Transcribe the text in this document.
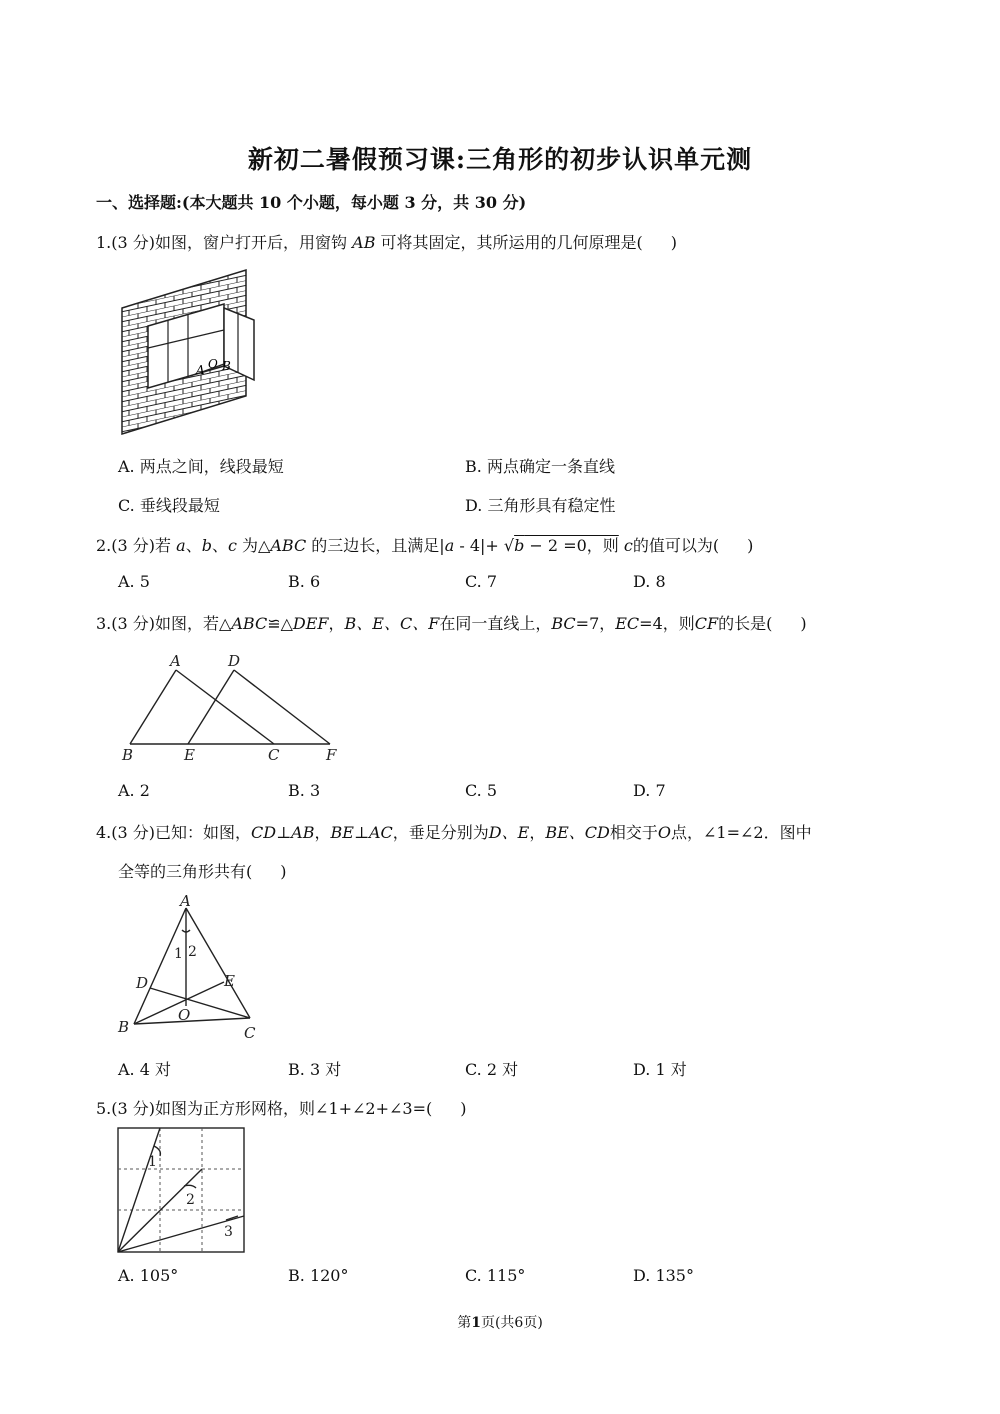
新初二暑假预习课:三角形的初步认识单元测
一、选择题:(本大题共 10 个小题，每小题 3 分，共 30 分)
1.(3 分)如图，窗户打开后，用窗钩 AB 可将其固定，其所运用的几何原理是( )
A O B
A. 两点之间，线段最短	B. 两点确定一条直线
C. 垂线段最短	D. 三角形具有稳定性
2.(3 分)若 a、b、c 为△ABC 的三边长，且满足|a - 4|+ √b − 2 =0，则 c的值可以为( )
A. 5	B. 6	C. 7	D. 8
3.(3 分)如图，若△ABC≌△DEF，B、E、C、F在同一直线上，BC=7，EC=4，则CF的长是( )
A	D
B	E	C	F
A. 2	B. 3	C. 5	D. 7
4.(3 分)已知：如图，CD⊥AB，BE⊥AC，垂足分别为D、E，BE、CD相交于O点，∠1=∠2．图中
全等的三角形共有( )
A
1 2
D	E
O
B	C
A. 4 对	B. 3 对	C. 2 对	D. 1 对
5.(3 分)如图为正方形网格，则∠1+∠2+∠3=( )
1
2
3
A. 105°	B. 120°	C. 115°	D. 135°
第1页(共6页)
